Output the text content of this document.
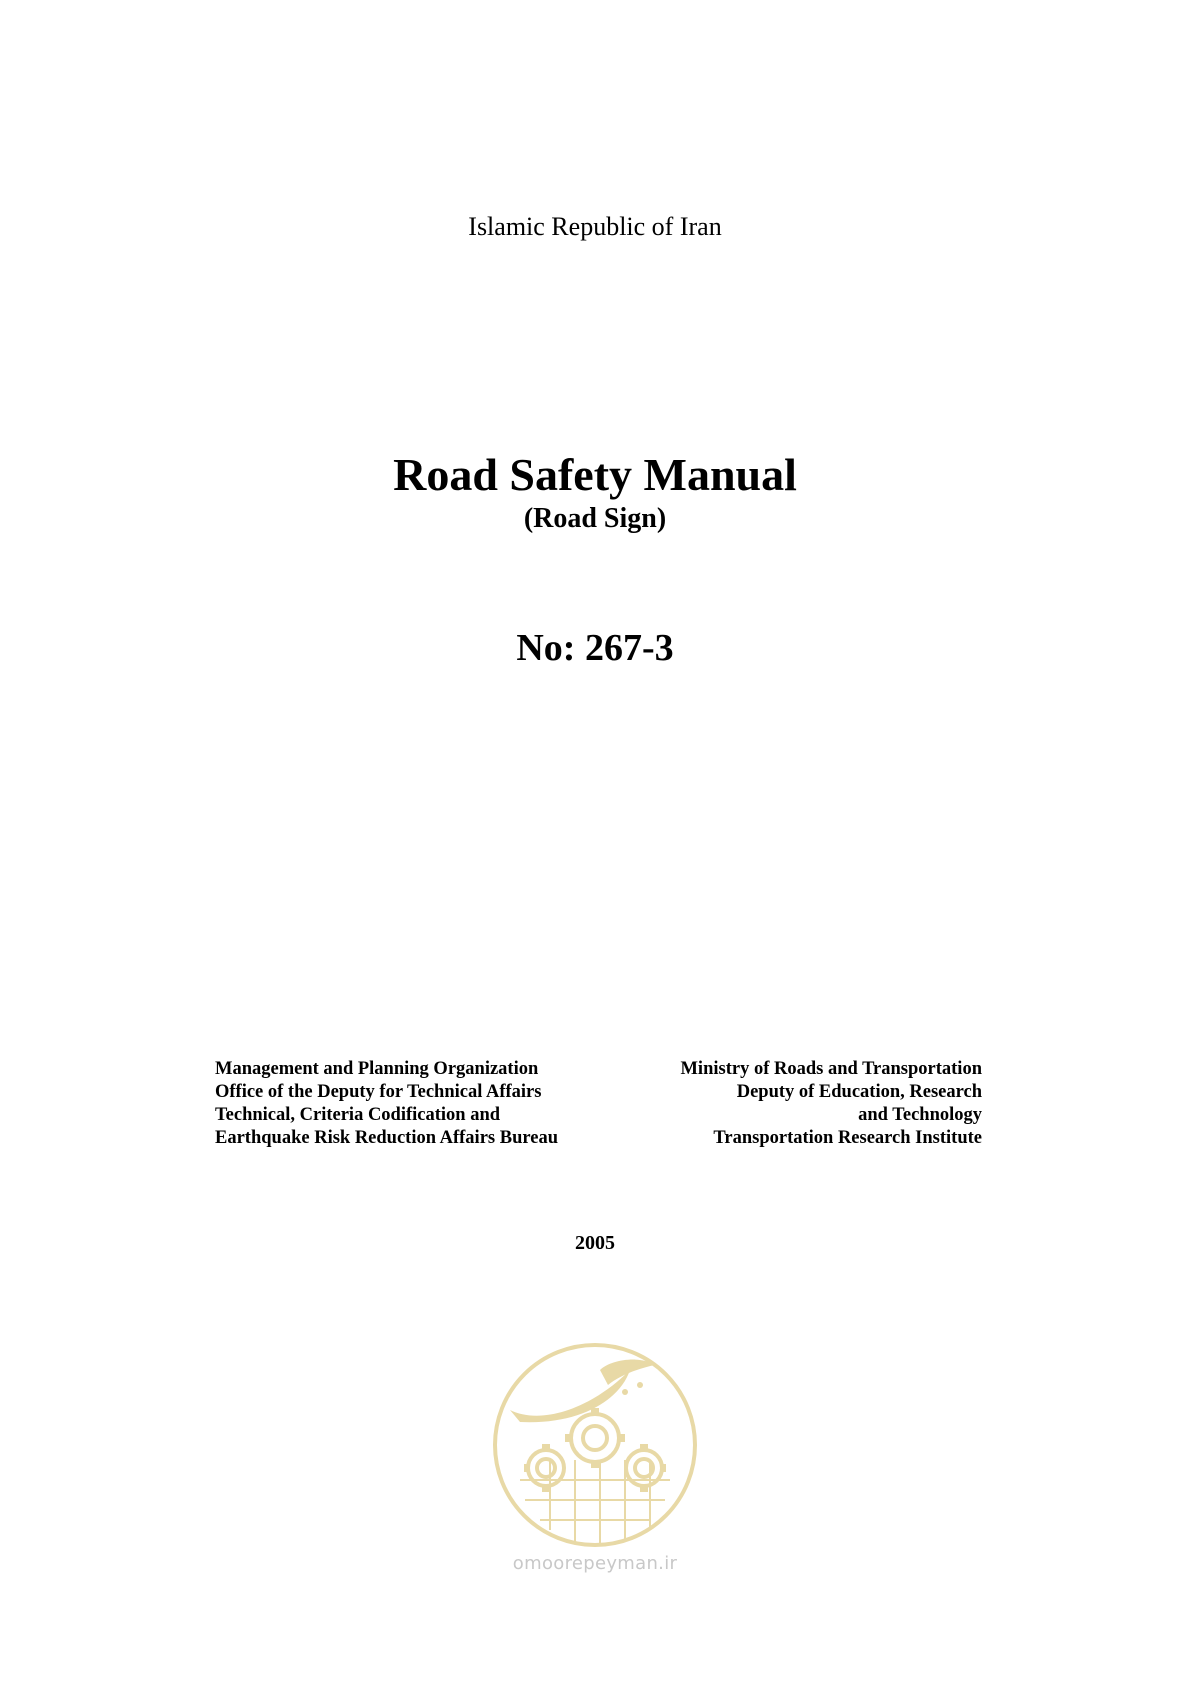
Islamic Republic of Iran
Road Safety Manual
(Road Sign)
No: 267-3
Management and Planning Organization
Office of the Deputy for Technical Affairs
Technical, Criteria Codification and
Earthquake Risk Reduction Affairs Bureau
Ministry of Roads and Transportation
Deputy of Education, Research
and Technology
Transportation Research Institute
2005
omoorepeyman.ir
